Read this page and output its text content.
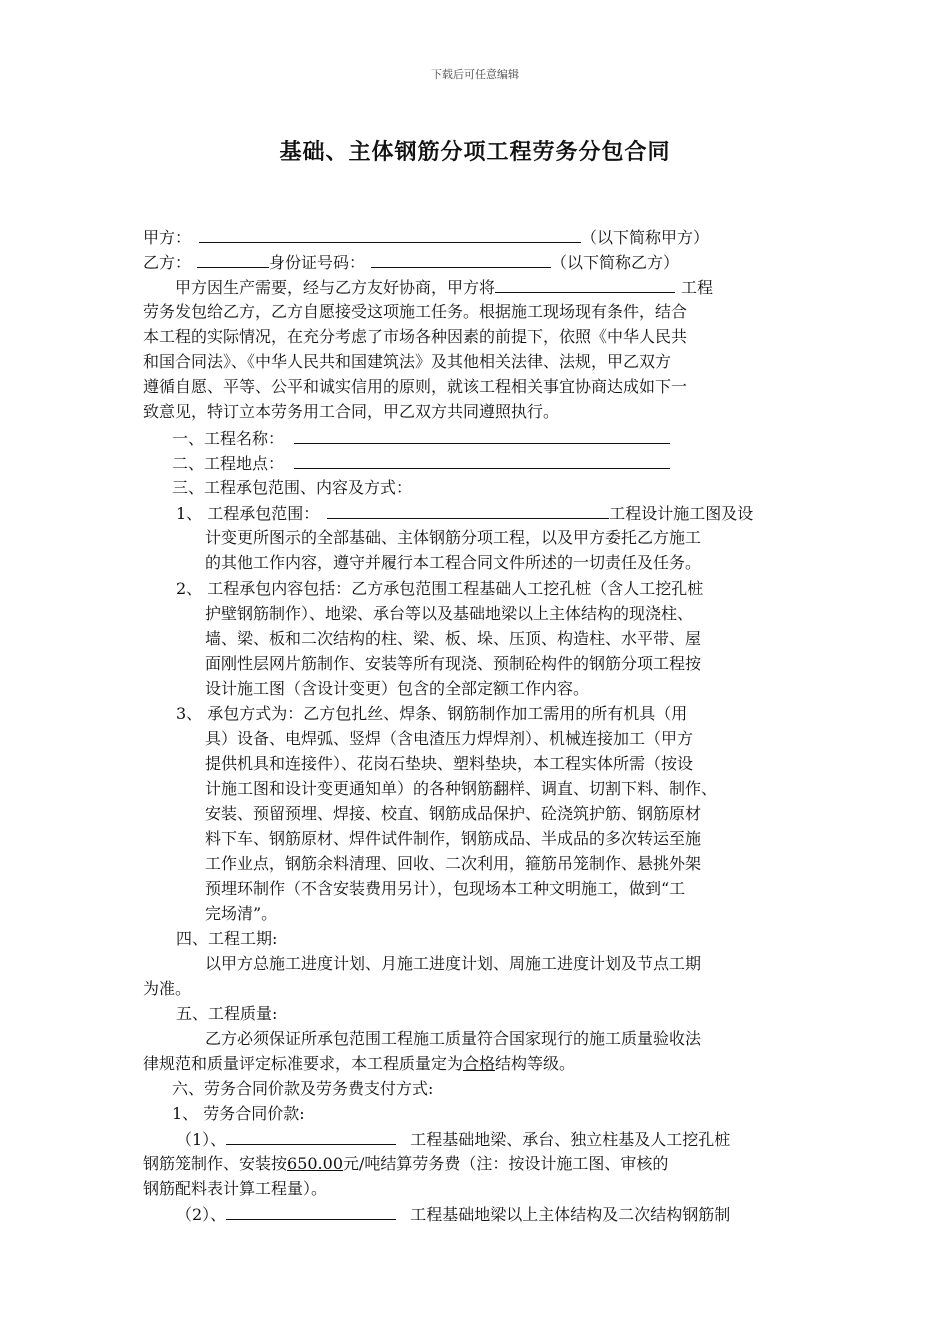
下载后可任意编辑
基础、主体钢筋分项工程劳务分包合同
甲方：	（以下简称甲方）
乙方：	身份证号码：	（以下简称乙方）
甲方因生产需要，经与乙方友好协商，甲方将	工程
劳务发包给乙方，乙方自愿接受这项施工任务。根据施工现场现有条件，结合
本工程的实际情况，在充分考虑了市场各种因素的前提下，依照《中华人民共
和国合同法》、《中华人民共和国建筑法》及其他相关法律、法规，甲乙双方
遵循自愿、平等、公平和诚实信用的原则，就该工程相关事宜协商达成如下一
致意见，特订立本劳务用工合同，甲乙双方共同遵照执行。
一、工程名称：
二、工程地点：
三、工程承包范围、内容及方式：
1、 工程承包范围：	工程设计施工图及设
计变更所图示的全部基础、主体钢筋分项工程，以及甲方委托乙方施工
的其他工作内容，遵守并履行本工程合同文件所述的一切责任及任务。
2、 工程承包内容包括：乙方承包范围工程基础人工挖孔桩（含人工挖孔桩
护壁钢筋制作）、地梁、承台等以及基础地梁以上主体结构的现浇柱、
墙、梁、板和二次结构的柱、梁、板、垛、压顶、构造柱、水平带、屋
面刚性层网片筋制作、安装等所有现浇、预制砼构件的钢筋分项工程按
设计施工图（含设计变更）包含的全部定额工作内容。
3、 承包方式为：乙方包扎丝、焊条、钢筋制作加工需用的所有机具（用
具）设备、电焊弧、竖焊（含电渣压力焊焊剂）、机械连接加工（甲方
提供机具和连接件）、花岗石垫块、塑料垫块，本工程实体所需（按设
计施工图和设计变更通知单）的各种钢筋翻样、调直、切割下料、制作、
安装、预留预埋、焊接、校直、钢筋成品保护、砼浇筑护筋、钢筋原材
料下车、钢筋原材、焊件试件制作，钢筋成品、半成品的多次转运至施
工作业点，钢筋余料清理、回收、二次利用，箍筋吊笼制作、悬挑外架
预埋环制作（不含安装费用另计），包现场本工种文明施工，做到“工
完场清”。
四、工程工期:
以甲方总施工进度计划、月施工进度计划、周施工进度计划及节点工期
为准。
五、工程质量:
乙方必须保证所承包范围工程施工质量符合国家现行的施工质量验收法
律规范和质量评定标准要求，本工程质量定为合格结构等级。
六、劳务合同价款及劳务费支付方式:
1、 劳务合同价款:
（1）、	工程基础地梁、承台、独立柱基及人工挖孔桩
钢筋笼制作、安装按650.00元/吨结算劳务费（注：按设计施工图、审核的
钢筋配料表计算工程量）。
（2）、	工程基础地梁以上主体结构及二次结构钢筋制
